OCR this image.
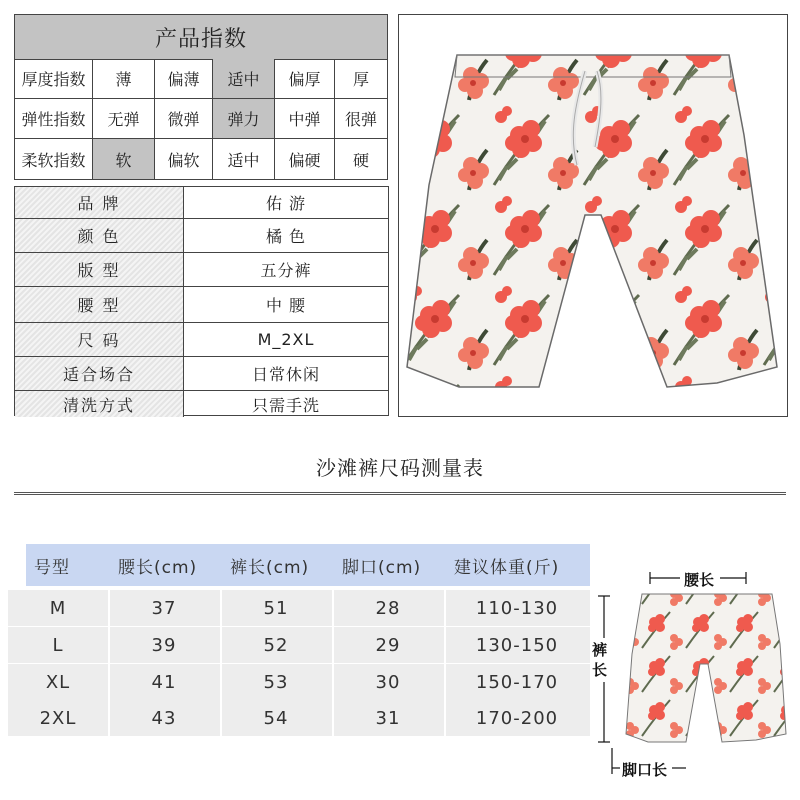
产品指数
厚度指数	薄	偏薄	适中	偏厚	厚
弹性指数	无弹	微弹	弹力	中弹	很弹
柔软指数	软	偏软	适中	偏硬	硬
品 牌	佑 游
颜 色	橘 色
版 型	五分裤
腰 型	中 腰
尺 码	M_2XL
适合场合	日常休闲
清洗方式	只需手洗
沙滩裤尺码测量表
号型	腰长(cm) 裤长(cm) 脚口(cm) 建议体重(斤)
M	37	51	28	110-130
L	39	52	29	130-150
XL	41	53	30	150-170
2XL	43	54	31	170-200
腰长
裤
长
脚口长
